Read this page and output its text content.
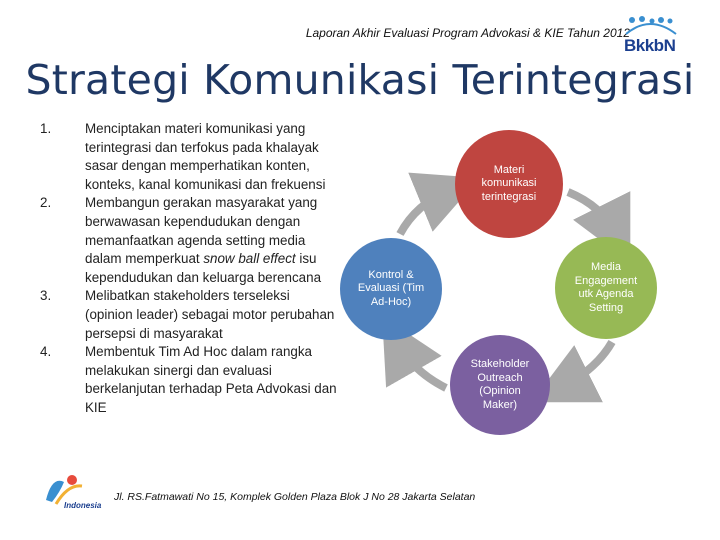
Laporan Akhir Evaluasi Program Advokasi & KIE Tahun 2012
BkkbN
Strategi Komunikasi Terintegrasi
1.	Menciptakan materi komunikasi yang terintegrasi dan terfokus pada khalayak sasar dengan memperhatikan konten, konteks, kanal komunikasi dan frekuensi
2.	Membangun gerakan masyarakat yang berwawasan kependudukan dengan memanfaatkan agenda setting media dalam memperkuat snow ball effect isu kependudukan dan keluarga berencana
3.	Melibatkan stakeholders terseleksi (opinion leader) sebagai motor perubahan persepsi di masyarakat
4.	Membentuk Tim Ad Hoc dalam rangka melakukan sinergi dan evaluasi berkelanjutan terhadap Peta Advokasi dan KIE
Materi komunikasi terintegrasi
Media Engagement utk Agenda Setting
Stakeholder Outreach (Opinion Maker)
Kontrol & Evaluasi (Tim Ad-Hoc)
Indonesia
Jl. RS.Fatmawati No 15, Komplek Golden Plaza Blok J No 28 Jakarta Selatan
